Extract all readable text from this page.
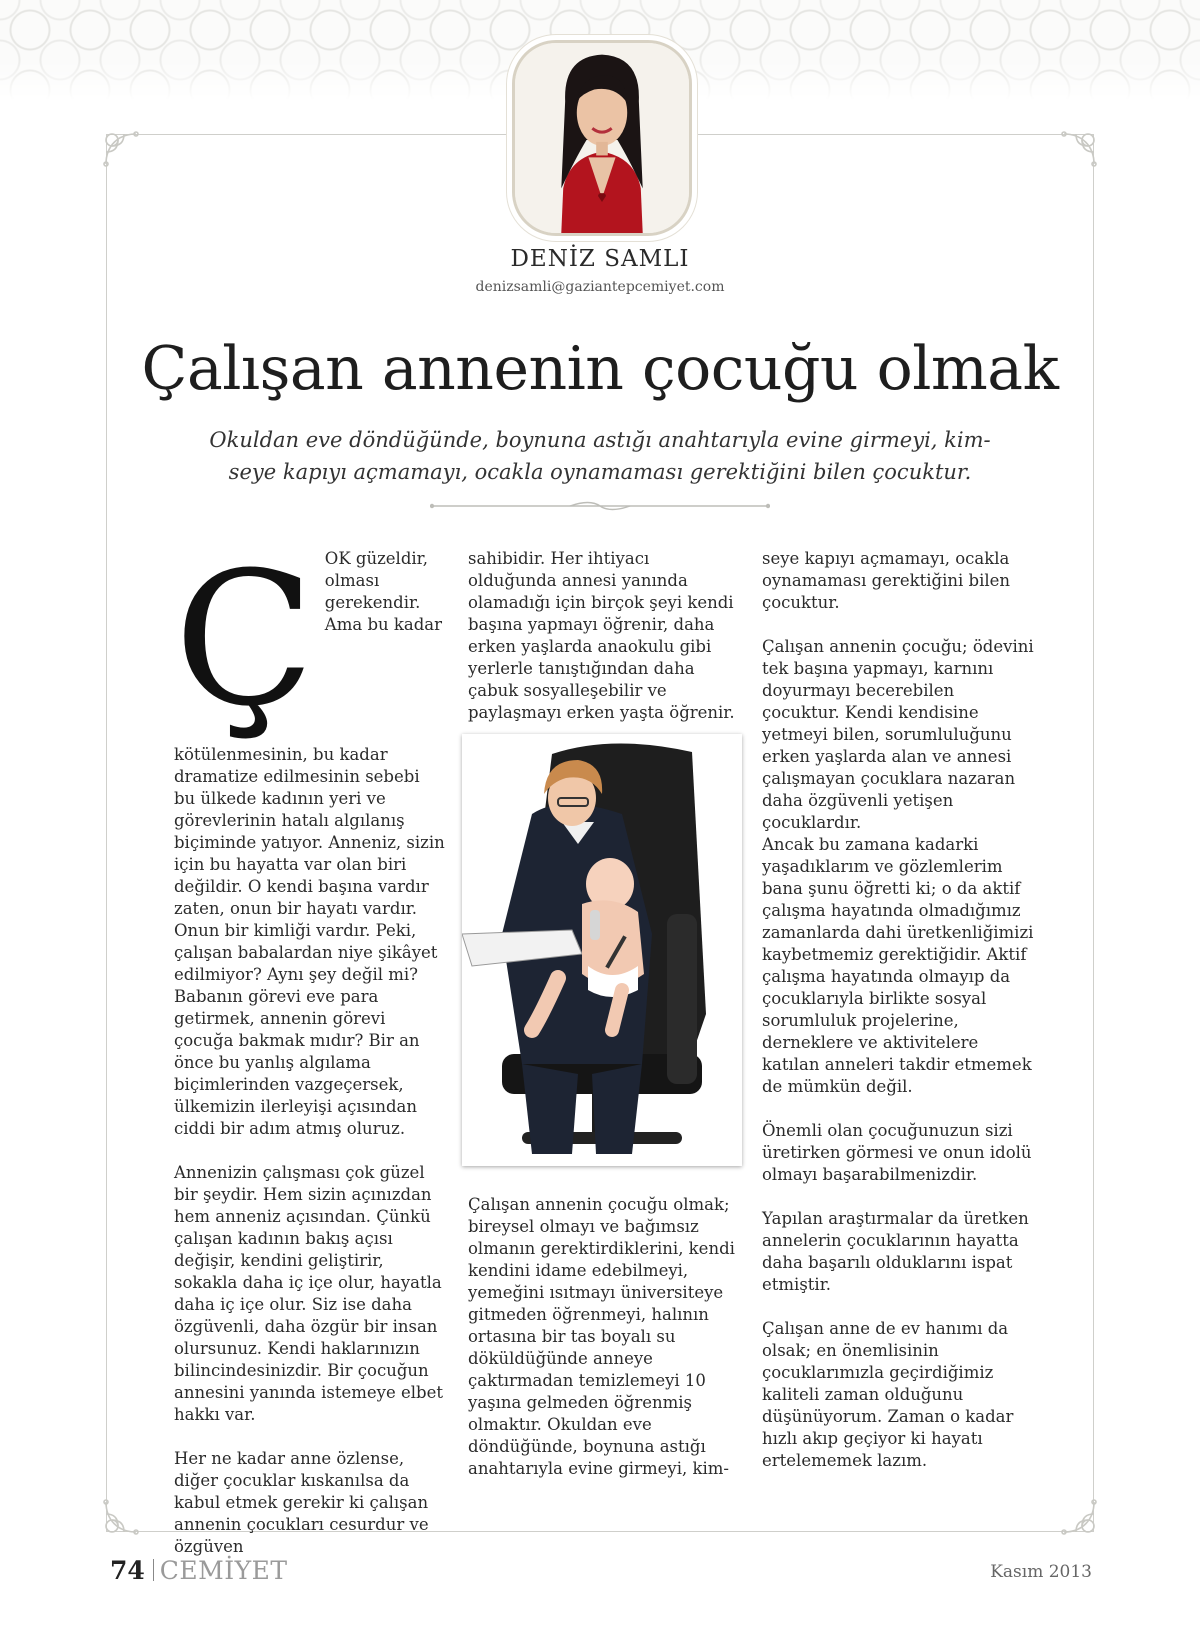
DENİZ SAMLI
denizsamli@gaziantepcemiyet.com
Çalışan annenin çocuğu olmak
Okuldan eve döndüğünde, boynuna astığı anahtarıyla evine girmeyi, kim-
seye kapıyı açmamayı, ocakla oynamaması gerektiğini bilen çocuktur.
Ç OK güzeldir, olması gerekendir. Ama bu kadar kötülenmesinin, bu kadar dramatize edilmesinin sebebi bu ülkede kadının yeri ve görevlerinin hatalı algılanış biçiminde yatıyor. Anneniz, sizin için bu hayatta var olan biri değildir. O kendi başına vardır zaten, onun bir hayatı vardır. Onun bir kimliği vardır. Peki, çalışan babalardan niye şikâyet edilmiyor? Aynı şey değil mi? Babanın görevi eve para getirmek, annenin görevi çocuğa bakmak mıdır? Bir an önce bu yanlış algılama biçimlerinden vazgeçersek, ülkemizin ilerleyişi açısından ciddi bir adım atmış oluruz.

Annenizin çalışması çok güzel bir şeydir. Hem sizin açınızdan hem anneniz açısından. Çünkü çalışan kadının bakış açısı değişir, kendini geliştirir, sokakla daha iç içe olur, hayatla daha iç içe olur. Siz ise daha özgüvenli, daha özgür bir insan olursunuz. Kendi haklarınızın bilincindesinizdir. Bir çocuğun annesini yanında istemeye elbet hakkı var.

Her ne kadar anne özlense, diğer çocuklar kıskanılsa da kabul etmek gerekir ki çalışan annenin çocukları cesurdur ve özgüven

sahibidir. Her ihtiyacı olduğunda annesi yanında olamadığı için birçok şeyi kendi başına yapmayı öğrenir, daha erken yaşlarda anaokulu gibi yerlerle tanıştığından daha çabuk sosyalleşebilir ve paylaşmayı erken yaşta öğrenir.

Çalışan annenin çocuğu olmak; bireysel olmayı ve bağımsız olmanın gerektirdiklerini, kendi kendini idame edebilmeyi, yemeğini ısıtmayı üniversiteye gitmeden öğrenmeyi, halının ortasına bir tas boyalı su döküldüğünde anneye çaktırmadan temizlemeyi 10 yaşına gelmeden öğrenmiş olmaktır. Okuldan eve döndüğünde, boynuna astığı anahtarıyla evine girmeyi, kim-

seye kapıyı açmamayı, ocakla oynamaması gerektiğini bilen çocuktur.

Çalışan annenin çocuğu; ödevini tek başına yapmayı, karnını doyurmayı becerebilen çocuktur. Kendi kendisine yetmeyi bilen, sorumluluğunu erken yaşlarda alan ve annesi çalışmayan çocuklara nazaran daha özgüvenli yetişen çocuklardır.
Ancak bu zamana kadarki yaşadıklarım ve gözlemlerim bana şunu öğretti ki; o da aktif çalışma hayatında olmadığımız zamanlarda dahi üretkenliğimizi kaybetmemiz gerektiğidir. Aktif çalışma hayatında olmayıp da çocuklarıyla birlikte sosyal sorumluluk projelerine, derneklere ve aktivitelere katılan anneleri takdir etmemek de mümkün değil.

Önemli olan çocuğunuzun sizi üretirken görmesi ve onun idolü olmayı başarabilmenizdir.

Yapılan araştırmalar da üretken annelerin çocuklarının hayatta daha başarılı olduklarını ispat etmiştir.

Çalışan anne de ev hanımı da olsak; en önemlisinin çocuklarımızla geçirdiğimiz kaliteli zaman olduğunu düşünüyorum. Zaman o kadar hızlı akıp geçiyor ki hayatı ertelememek lazım.

74 CEMİYET	Kasım 2013
